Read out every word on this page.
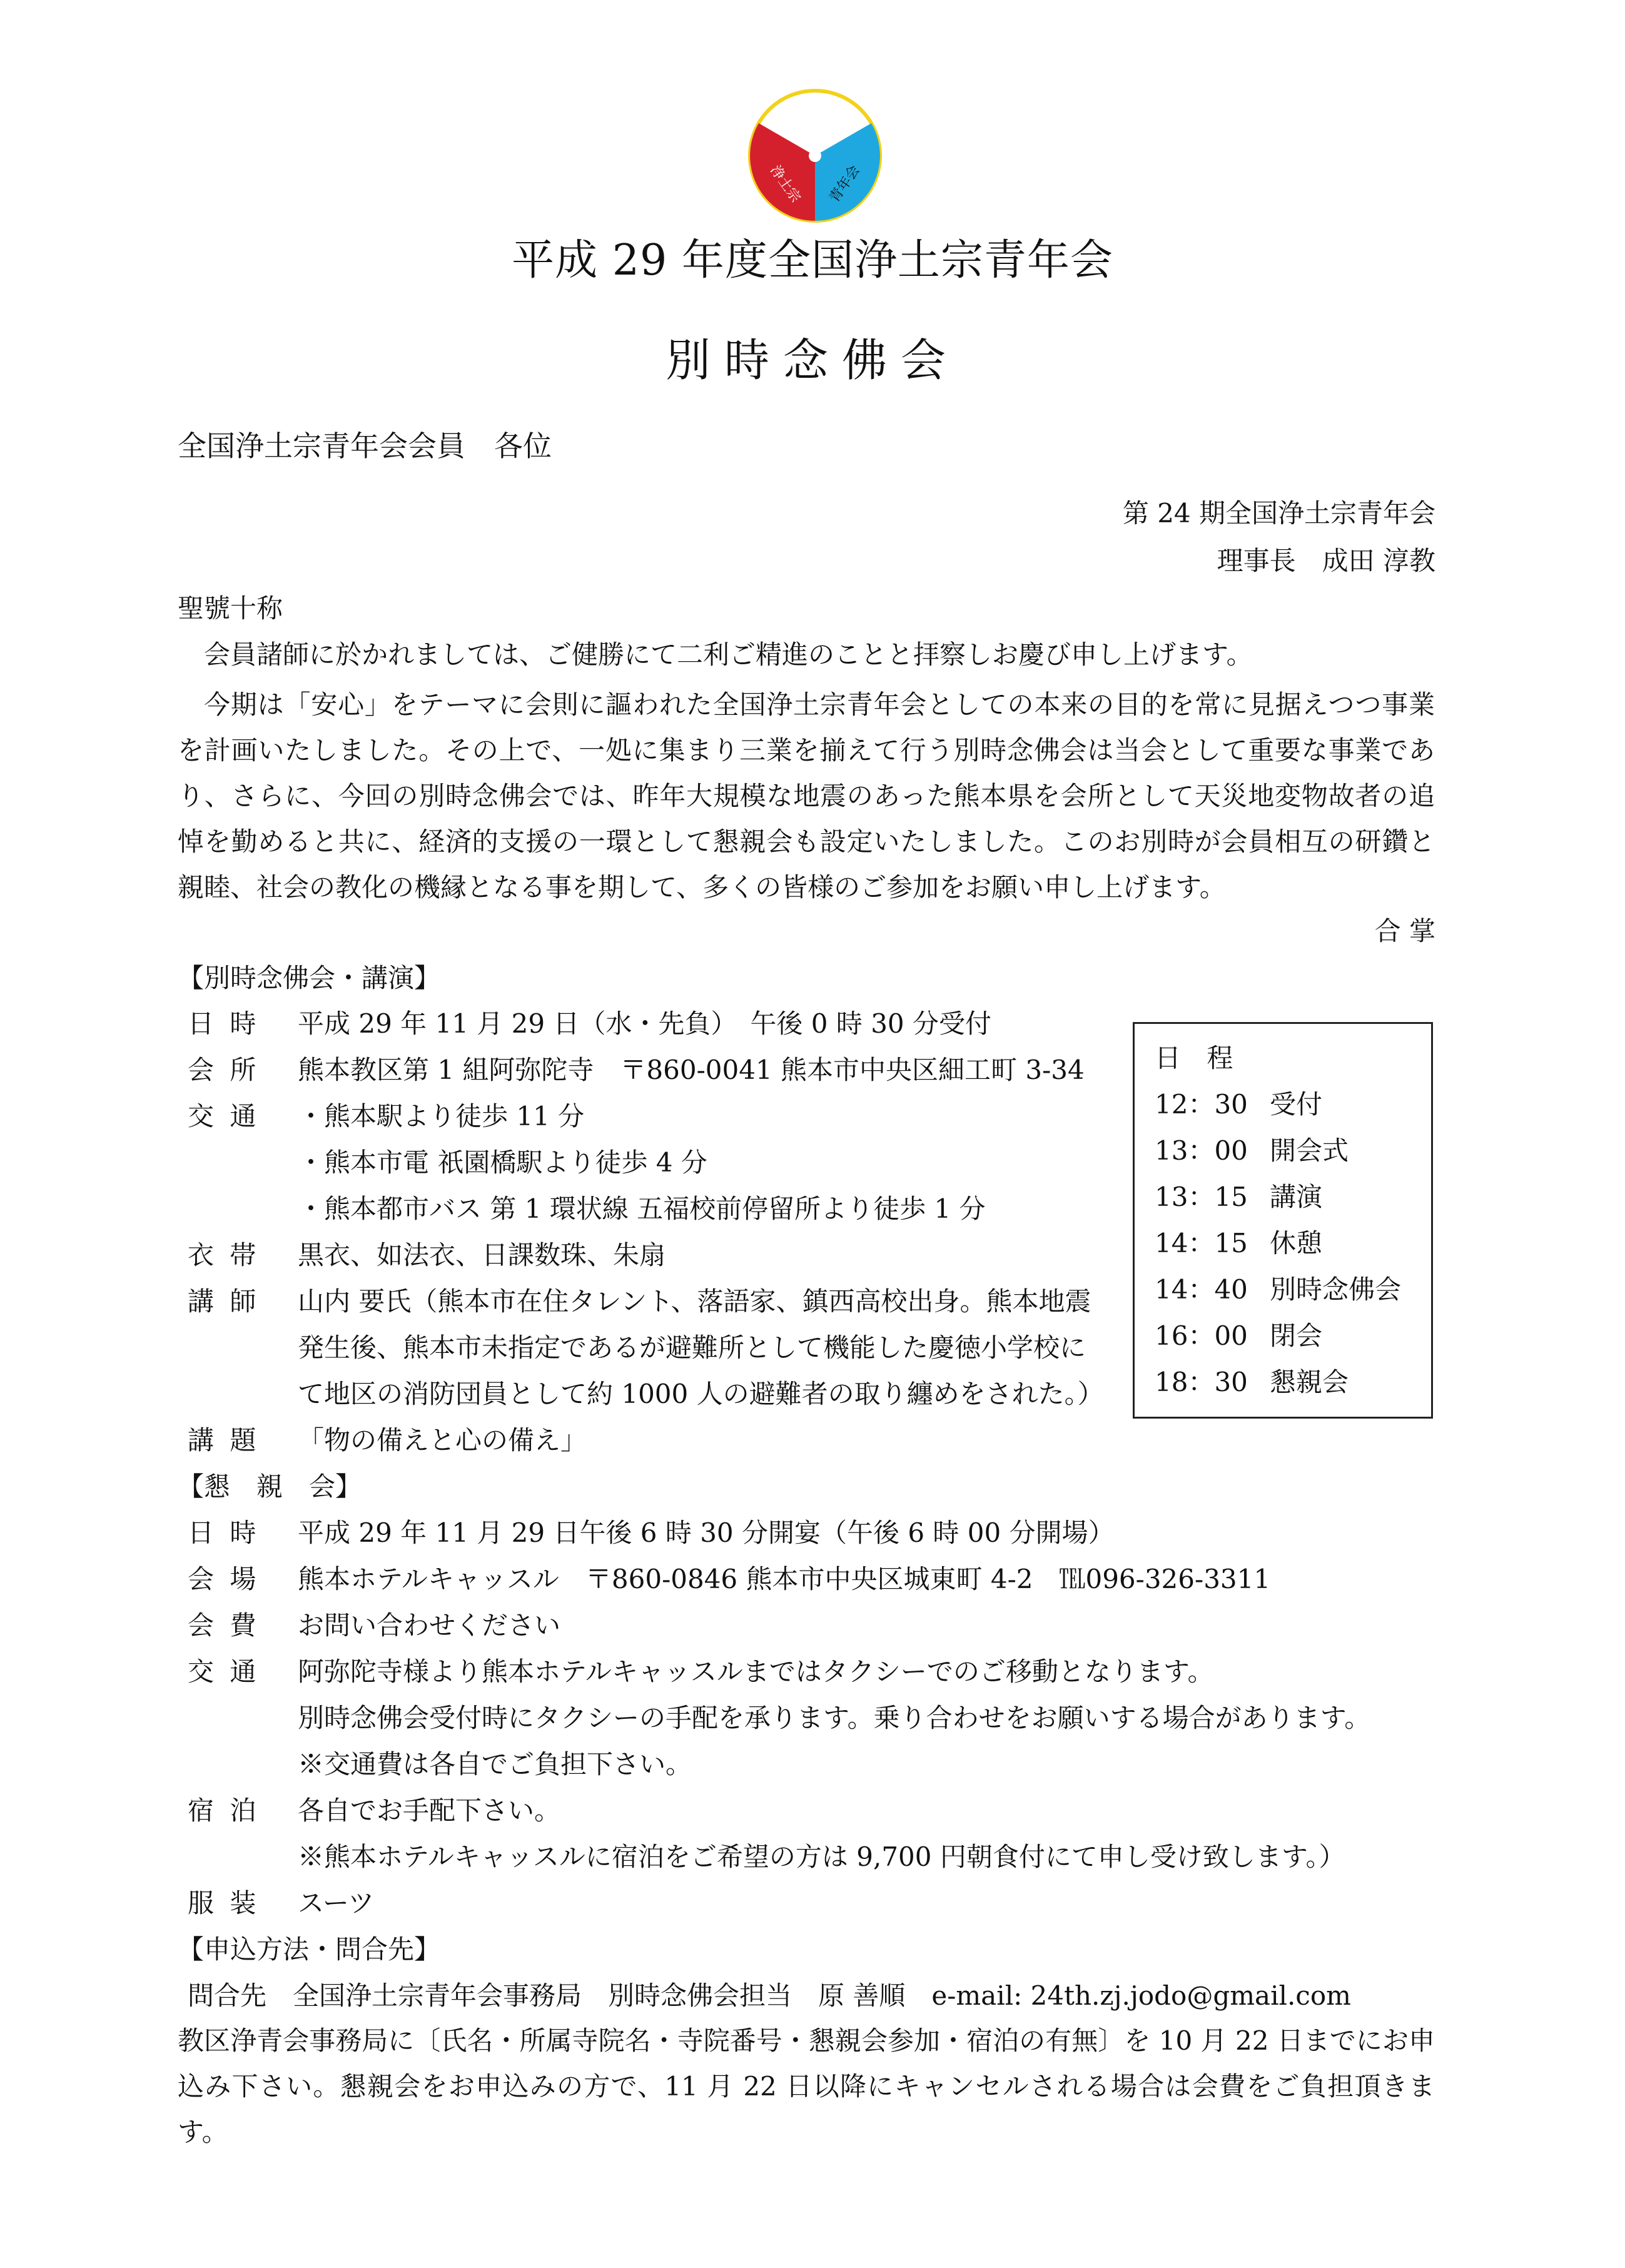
浄土宗 青年会
平成 29 年度全国浄土宗青年会
別時念佛会
全国浄土宗青年会会員　各位
第 24 期全国浄土宗青年会
理事長　成田 淳教
聖號十称
会員諸師に於かれましては、ご健勝にて二利ご精進のことと拝察しお慶び申し上げます。
今期は「安心」をテーマに会則に謳われた全国浄土宗青年会としての本来の目的を常に見据えつつ事業を計画いたしました。その上で、一処に集まり三業を揃えて行う別時念佛会は当会として重要な事業であり、さらに、今回の別時念佛会では、昨年大規模な地震のあった熊本県を会所として天災地変物故者の追悼を勤めると共に、経済的支援の一環として懇親会も設定いたしました。このお別時が会員相互の研鑽と親睦、社会の教化の機縁となる事を期して、多くの皆様のご参加をお願い申し上げます。
合 掌
【別時念佛会・講演】
日 時 平成 29 年 11 月 29 日（水・先負）　午後 0 時 30 分受付
会 所 熊本教区第 1 組阿弥陀寺　〒860-0041 熊本市中央区細工町 3-34
交 通 ・熊本駅より徒歩 11 分
・熊本市電 祇園橋駅より徒歩 4 分
・熊本都市バス 第 1 環状線 五福校前停留所より徒歩 1 分
衣 帯 黒衣、如法衣、日課数珠、朱扇
講 師 山内 要氏（熊本市在住タレント、落語家、鎮西高校出身。熊本地震
発生後、熊本市未指定であるが避難所として機能した慶徳小学校に
て地区の消防団員として約 1000 人の避難者の取り纏めをされた。）
講 題 「物の備えと心の備え」
日 程
12：30 受付
13：00 開会式
13：15 講演
14：15 休憩
14：40 別時念佛会
16：00 閉会
18：30 懇親会
【懇　親　会】
日 時 平成 29 年 11 月 29 日午後 6 時 30 分開宴（午後 6 時 00 分開場）
会 場 熊本ホテルキャッスル　〒860-0846 熊本市中央区城東町 4-2　℡096-326-3311
会 費 お問い合わせください
交 通 阿弥陀寺様より熊本ホテルキャッスルまではタクシーでのご移動となります。
別時念佛会受付時にタクシーの手配を承ります。乗り合わせをお願いする場合があります。
※交通費は各自でご負担下さい。
宿 泊 各自でお手配下さい。
※熊本ホテルキャッスルに宿泊をご希望の方は 9,700 円朝食付にて申し受け致します。）
服 装 スーツ
【申込方法・問合先】
問合先　全国浄土宗青年会事務局　別時念佛会担当　原 善順　e-mail: 24th.zj.jodo@gmail.com
教区浄青会事務局に〔氏名・所属寺院名・寺院番号・懇親会参加・宿泊の有無〕を 10 月 22 日までにお申込み下さい。懇親会をお申込みの方で、11 月 22 日以降にキャンセルされる場合は会費をご負担頂きます。
